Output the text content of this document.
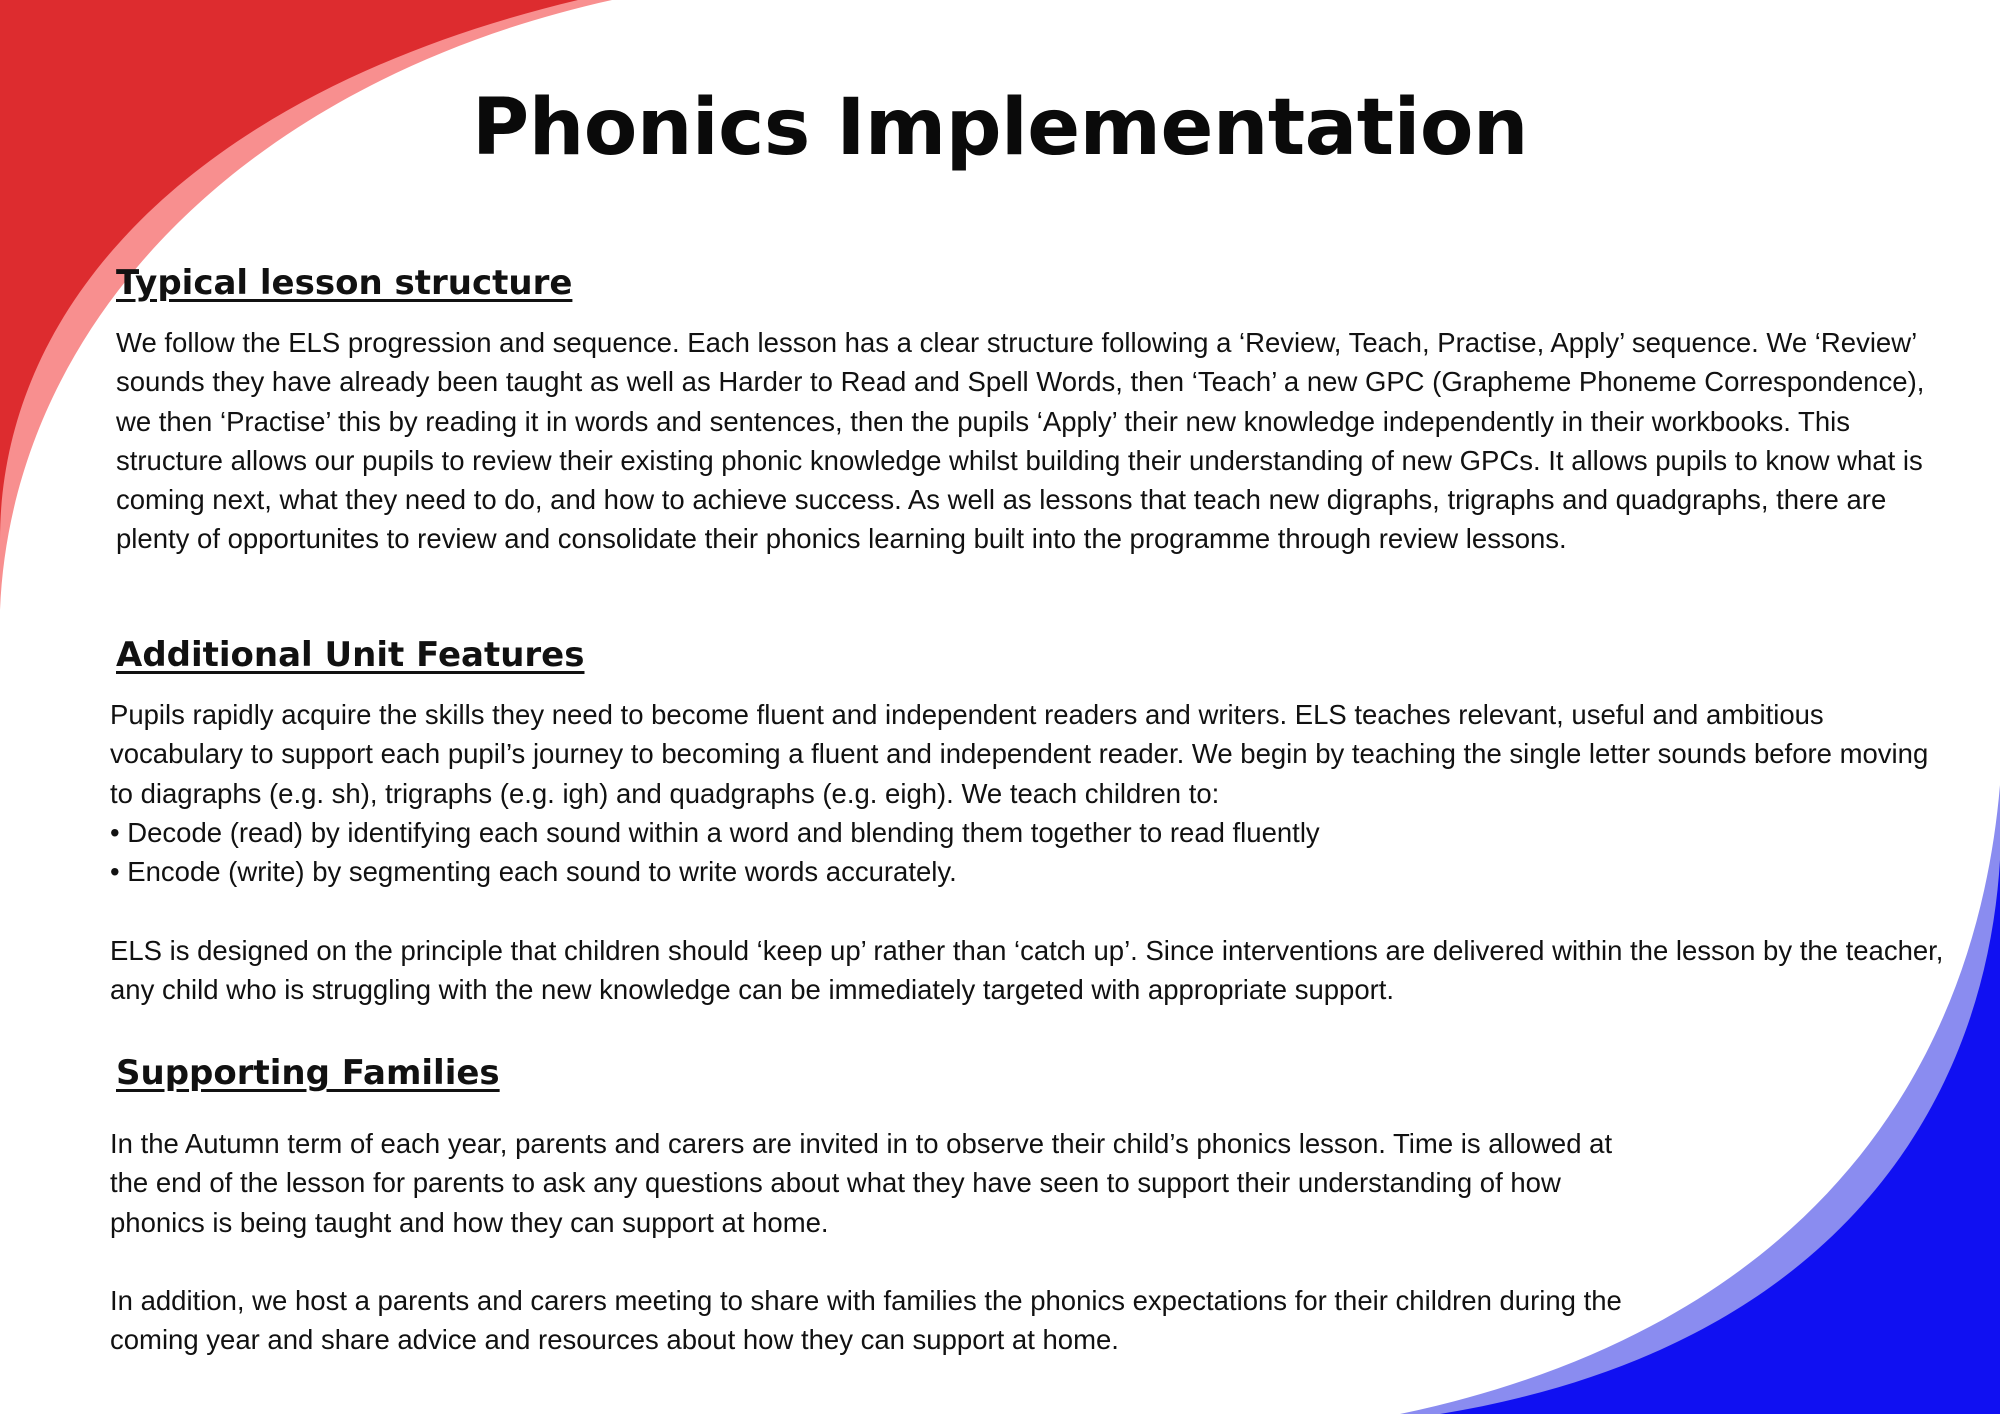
Phonics Implementation
Typical lesson structure

We follow the ELS progression and sequence. Each lesson has a clear structure following a ‘Review, Teach, Practise, Apply’ sequence. We ‘Review’ sounds they have already been taught as well as Harder to Read and Spell Words, then ‘Teach’ a new GPC (Grapheme Phoneme Correspondence), we then ‘Practise’ this by reading it in words and sentences, then the pupils ‘Apply’ their new knowledge independently in their workbooks. This structure allows our pupils to review their existing phonic knowledge whilst building their understanding of new GPCs. It allows pupils to know what is coming next, what they need to do, and how to achieve success. As well as lessons that teach new digraphs, trigraphs and quadgraphs, there are plenty of opportunites to review and consolidate their phonics learning built into the programme through review lessons.

Additional Unit Features

Pupils rapidly acquire the skills they need to become fluent and independent readers and writers. ELS teaches relevant, useful and ambitious vocabulary to support each pupil’s journey to becoming a fluent and independent reader. We begin by teaching the single letter sounds before moving to diagraphs (e.g. sh), trigraphs (e.g. igh) and quadgraphs (e.g. eigh). We teach children to:

• Decode (read) by identifying each sound within a word and blending them together to read fluently
• Encode (write) by segmenting each sound to write words accurately.

ELS is designed on the principle that children should ‘keep up’ rather than ‘catch up’. Since interventions are delivered within the lesson by the teacher, any child who is struggling with the new knowledge can be immediately targeted with appropriate support.

Supporting Families

In the Autumn term of each year, parents and carers are invited in to observe their child’s phonics lesson. Time is allowed at the end of the lesson for parents to ask any questions about what they have seen to support their understanding of how phonics is being taught and how they can support at home.

In addition, we host a parents and carers meeting to share with families the phonics expectations for their children during the coming year and share advice and resources about how they can support at home.
